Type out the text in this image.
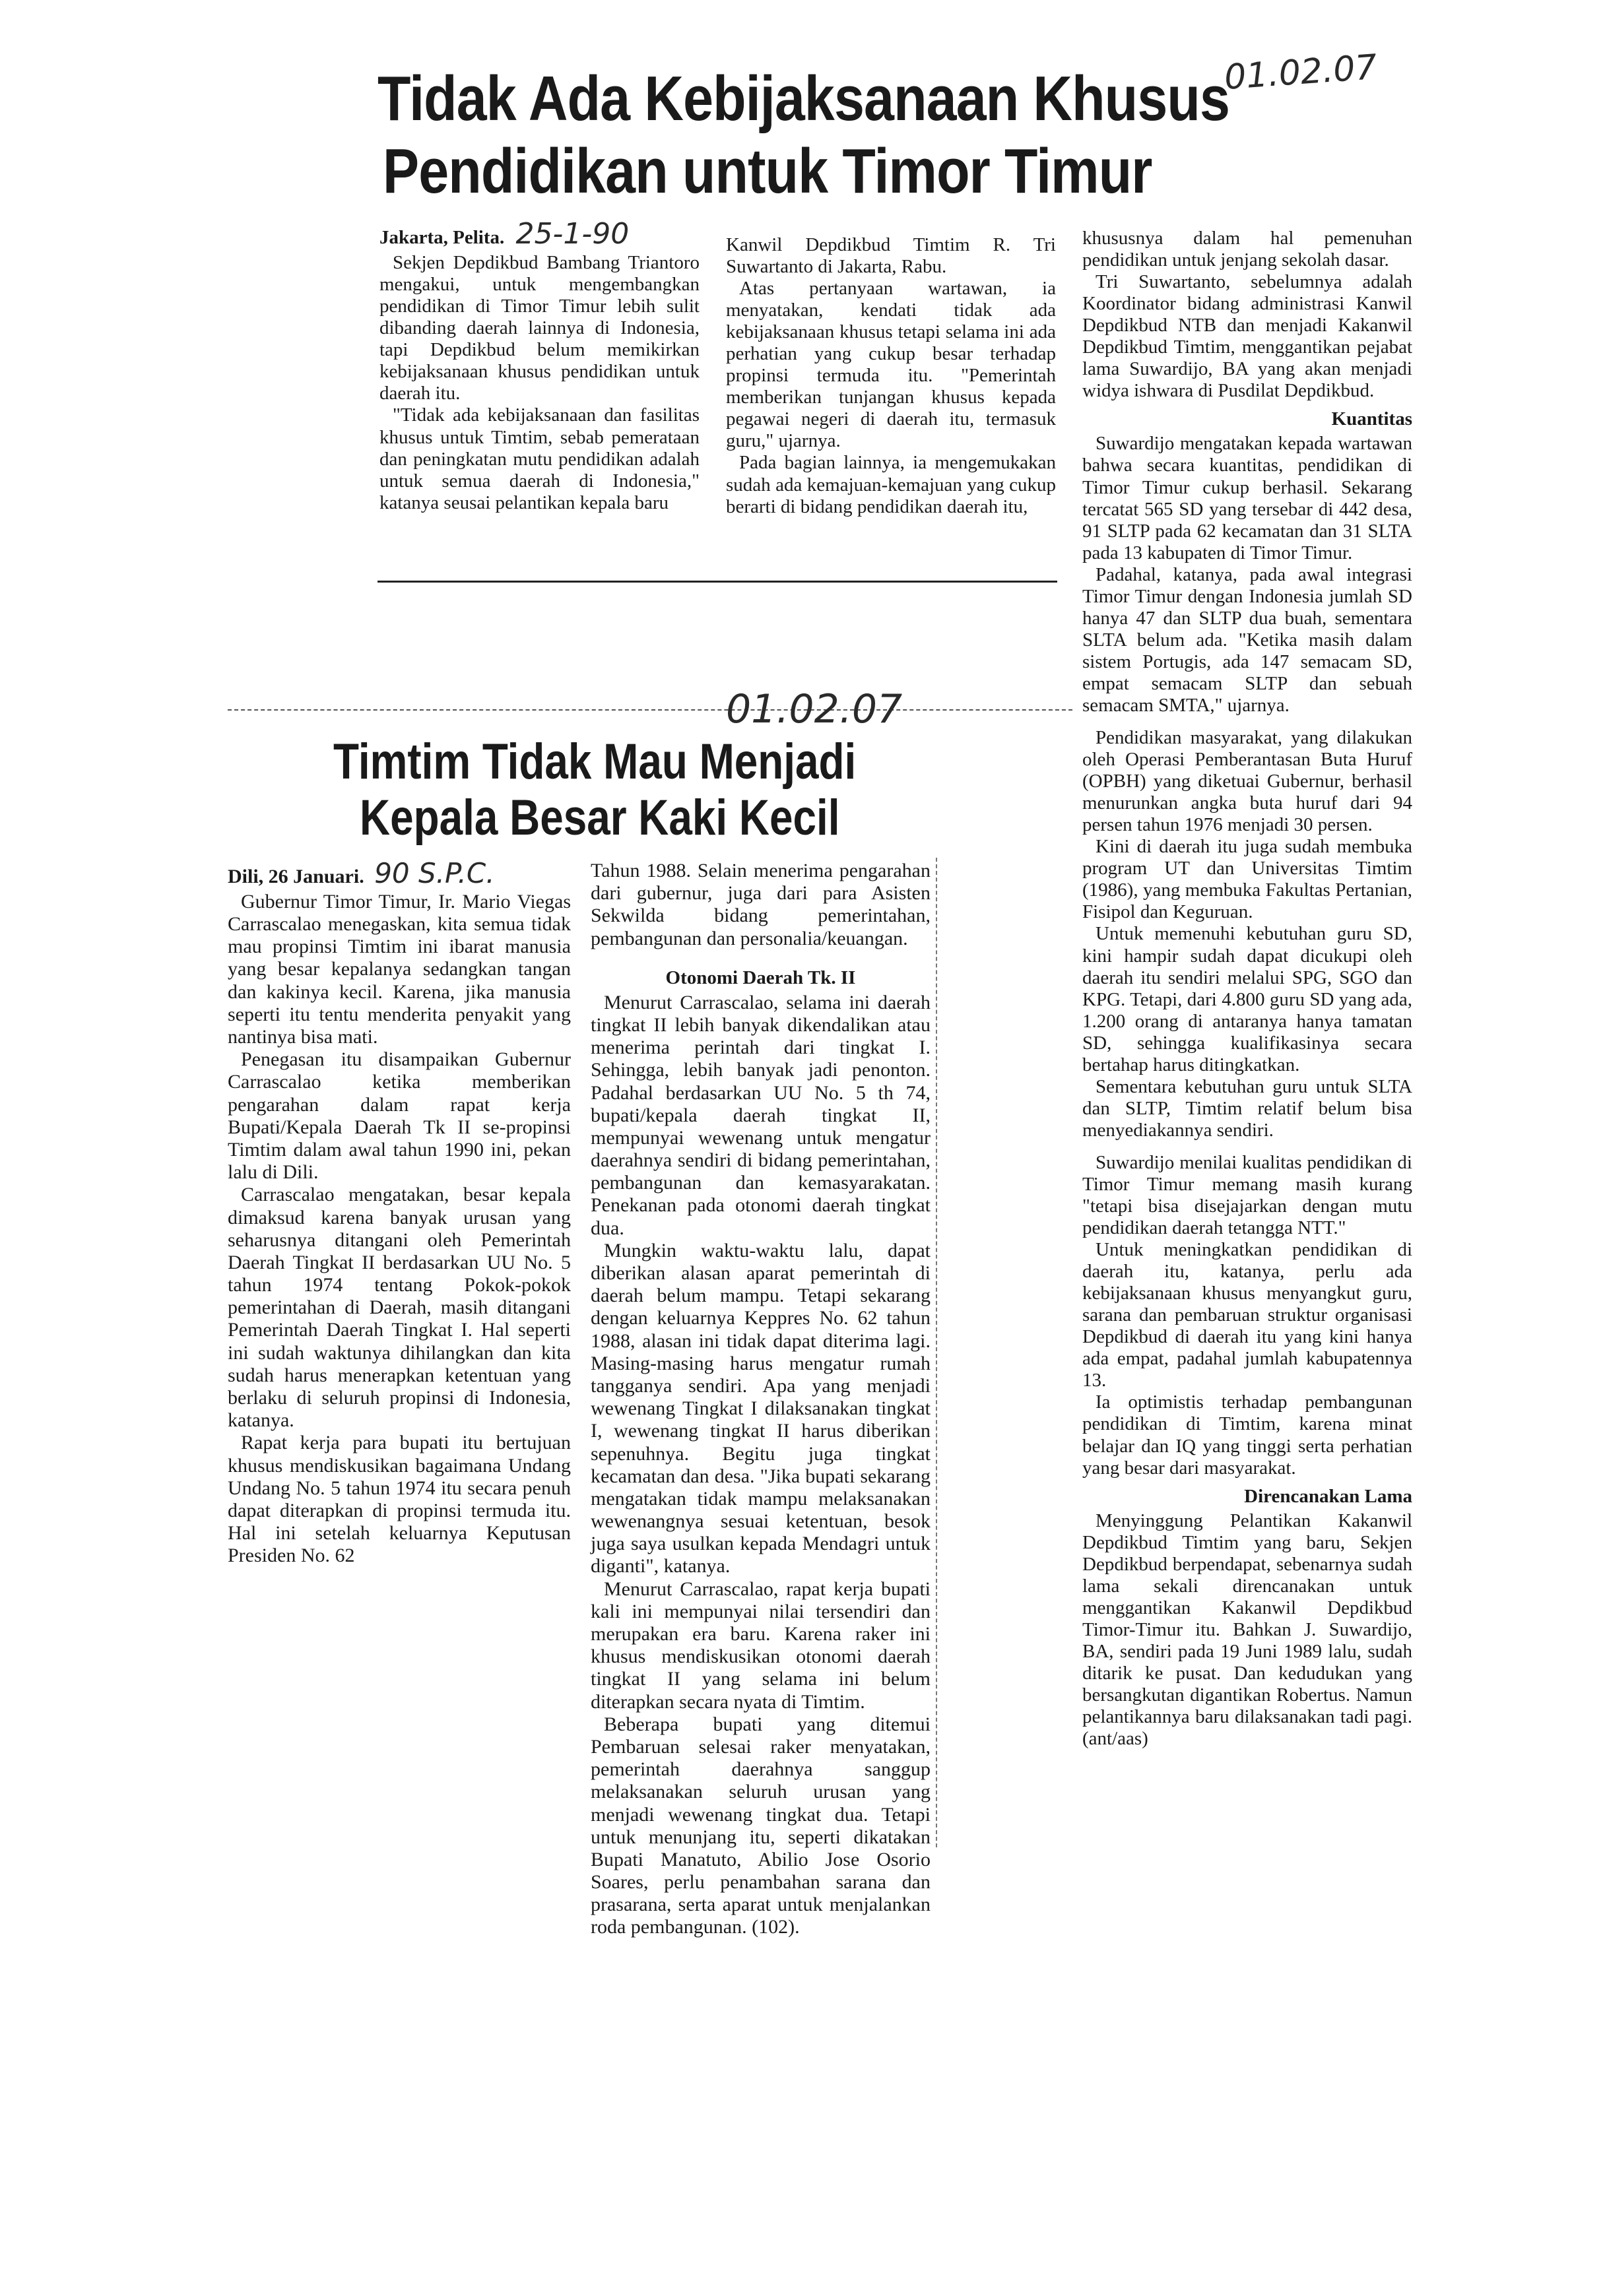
01.02.07
Tidak Ada Kebijaksanaan Khusus
Pendidikan untuk Timor Timur
Jakarta, Pelita. 25-1-90

Sekjen Depdikbud Bambang Triantoro mengakui, untuk mengembangkan pendidikan di Timor Timur lebih sulit dibanding daerah lainnya di Indonesia, tapi Depdikbud belum memikirkan kebijaksanaan khusus pendidikan untuk daerah itu.

"Tidak ada kebijaksanaan dan fasilitas khusus untuk Timtim, sebab pemerataan dan peningkatan mutu pendidikan adalah untuk semua daerah di Indonesia," katanya seusai pelantikan kepala baru

Kanwil Depdikbud Timtim R. Tri Suwartanto di Jakarta, Rabu.

Atas pertanyaan wartawan, ia menyatakan, kendati tidak ada kebijaksanaan khusus tetapi selama ini ada perhatian yang cukup besar terhadap propinsi termuda itu. "Pemerintah memberikan tunjangan khusus kepada pegawai negeri di daerah itu, termasuk guru," ujarnya.

Pada bagian lainnya, ia mengemukakan sudah ada kemajuan-kemajuan yang cukup berarti di bidang pendidikan daerah itu,

khususnya dalam hal pemenuhan pendidikan untuk jenjang sekolah dasar.

Tri Suwartanto, sebelumnya adalah Koordinator bidang administrasi Kanwil Depdikbud NTB dan menjadi Kakanwil Depdikbud Timtim, menggantikan pejabat lama Suwardijo, BA yang akan menjadi widya ishwara di Pusdilat Depdikbud.

Kuantitas

Suwardijo mengatakan kepada wartawan bahwa secara kuantitas, pendidikan di Timor Timur cukup berhasil. Sekarang tercatat 565 SD yang tersebar di 442 desa, 91 SLTP pada 62 kecamatan dan 31 SLTA pada 13 kabupaten di Timor Timur.

Padahal, katanya, pada awal integrasi Timor Timur dengan Indonesia jumlah SD hanya 47 dan SLTP dua buah, sementara SLTA belum ada. "Ketika masih dalam sistem Portugis, ada 147 semacam SD, empat semacam SLTP dan sebuah semacam SMTA," ujarnya.

Pendidikan masyarakat, yang dilakukan oleh Operasi Pemberantasan Buta Huruf (OPBH) yang diketuai Gubernur, berhasil menurunkan angka buta huruf dari 94 persen tahun 1976 menjadi 30 persen.

Kini di daerah itu juga sudah membuka program UT dan Universitas Timtim (1986), yang membuka Fakultas Pertanian, Fisipol dan Keguruan.

Untuk memenuhi kebutuhan guru SD, kini hampir sudah dapat dicukupi oleh daerah itu sendiri melalui SPG, SGO dan KPG. Tetapi, dari 4.800 guru SD yang ada, 1.200 orang di antaranya hanya tamatan SD, sehingga kualifikasinya secara bertahap harus ditingkatkan.

Sementara kebutuhan guru untuk SLTA dan SLTP, Timtim relatif belum bisa menyediakannya sendiri.

Suwardijo menilai kualitas pendidikan di Timor Timur memang masih kurang "tetapi bisa disejajarkan dengan mutu pendidikan daerah tetangga NTT."

Untuk meningkatkan pendidikan di daerah itu, katanya, perlu ada kebijaksanaan khusus menyangkut guru, sarana dan pembaruan struktur organisasi Depdikbud di daerah itu yang kini hanya ada empat, padahal jumlah kabupatennya 13.

Ia optimistis terhadap pembangunan pendidikan di Timtim, karena minat belajar dan IQ yang tinggi serta perhatian yang besar dari masyarakat.

Direncanakan Lama

Menyinggung Pelantikan Kakanwil Depdikbud Timtim yang baru, Sekjen Depdikbud berpendapat, sebenarnya sudah lama sekali direncanakan untuk menggantikan Kakanwil Depdikbud Timor-Timur itu. Bahkan J. Suwardijo, BA, sendiri pada 19 Juni 1989 lalu, sudah ditarik ke pusat. Dan kedudukan yang bersangkutan digantikan Robertus. Namun pelantikannya baru dilaksanakan tadi pagi. (ant/aas)

01.02.07
Timtim Tidak Mau Menjadi
Kepala Besar Kaki Kecil
Dili, 26 Januari. 90 S.P.C.

Gubernur Timor Timur, Ir. Mario Viegas Carrascalao menegaskan, kita semua tidak mau propinsi Timtim ini ibarat manusia yang besar kepalanya sedangkan tangan dan kakinya kecil. Karena, jika manusia seperti itu tentu menderita penyakit yang nantinya bisa mati.

Penegasan itu disampaikan Gubernur Carrascalao ketika memberikan pengarahan dalam rapat kerja Bupati/Kepala Daerah Tk II se-propinsi Timtim dalam awal tahun 1990 ini, pekan lalu di Dili.

Carrascalao mengatakan, besar kepala dimaksud karena banyak urusan yang seharusnya ditangani oleh Pemerintah Daerah Tingkat II berdasarkan UU No. 5 tahun 1974 tentang Pokok-pokok pemerintahan di Daerah, masih ditangani Pemerintah Daerah Tingkat I. Hal seperti ini sudah waktunya dihilangkan dan kita sudah harus menerapkan ketentuan yang berlaku di seluruh propinsi di Indonesia, katanya.

Rapat kerja para bupati itu bertujuan khusus mendiskusikan bagaimana Undang Undang No. 5 tahun 1974 itu secara penuh dapat diterapkan di propinsi termuda itu. Hal ini setelah keluarnya Keputusan Presiden No. 62

Tahun 1988. Selain menerima pengarahan dari gubernur, juga dari para Asisten Sekwilda bidang pemerintahan, pembangunan dan personalia/keuangan.

Otonomi Daerah Tk. II

Menurut Carrascalao, selama ini daerah tingkat II lebih banyak dikendalikan atau menerima perintah dari tingkat I. Sehingga, lebih banyak jadi penonton. Padahal berdasarkan UU No. 5 th 74, bupati/kepala daerah tingkat II, mempunyai wewenang untuk mengatur daerahnya sendiri di bidang pemerintahan, pembangunan dan kemasyarakatan. Penekanan pada otonomi daerah tingkat dua.

Mungkin waktu-waktu lalu, dapat diberikan alasan aparat pemerintah di daerah belum mampu. Tetapi sekarang dengan keluarnya Keppres No. 62 tahun 1988, alasan ini tidak dapat diterima lagi. Masing-masing harus mengatur rumah tangganya sendiri. Apa yang menjadi wewenang Tingkat I dilaksanakan tingkat I, wewenang tingkat II harus diberikan sepenuhnya. Begitu juga tingkat kecamatan dan desa. "Jika bupati sekarang mengatakan tidak mampu melaksanakan wewenangnya sesuai ketentuan, besok juga saya usulkan kepada Mendagri untuk diganti", katanya.

Menurut Carrascalao, rapat kerja bupati kali ini mempunyai nilai tersendiri dan merupakan era baru. Karena raker ini khusus mendiskusikan otonomi daerah tingkat II yang selama ini belum diterapkan secara nyata di Timtim.

Beberapa bupati yang ditemui Pembaruan selesai raker menyatakan, pemerintah daerahnya sanggup melaksanakan seluruh urusan yang menjadi wewenang tingkat dua. Tetapi untuk menunjang itu, seperti dikatakan Bupati Manatuto, Abilio Jose Osorio Soares, perlu penambahan sarana dan prasarana, serta aparat untuk menjalankan roda pembangunan. (102).
